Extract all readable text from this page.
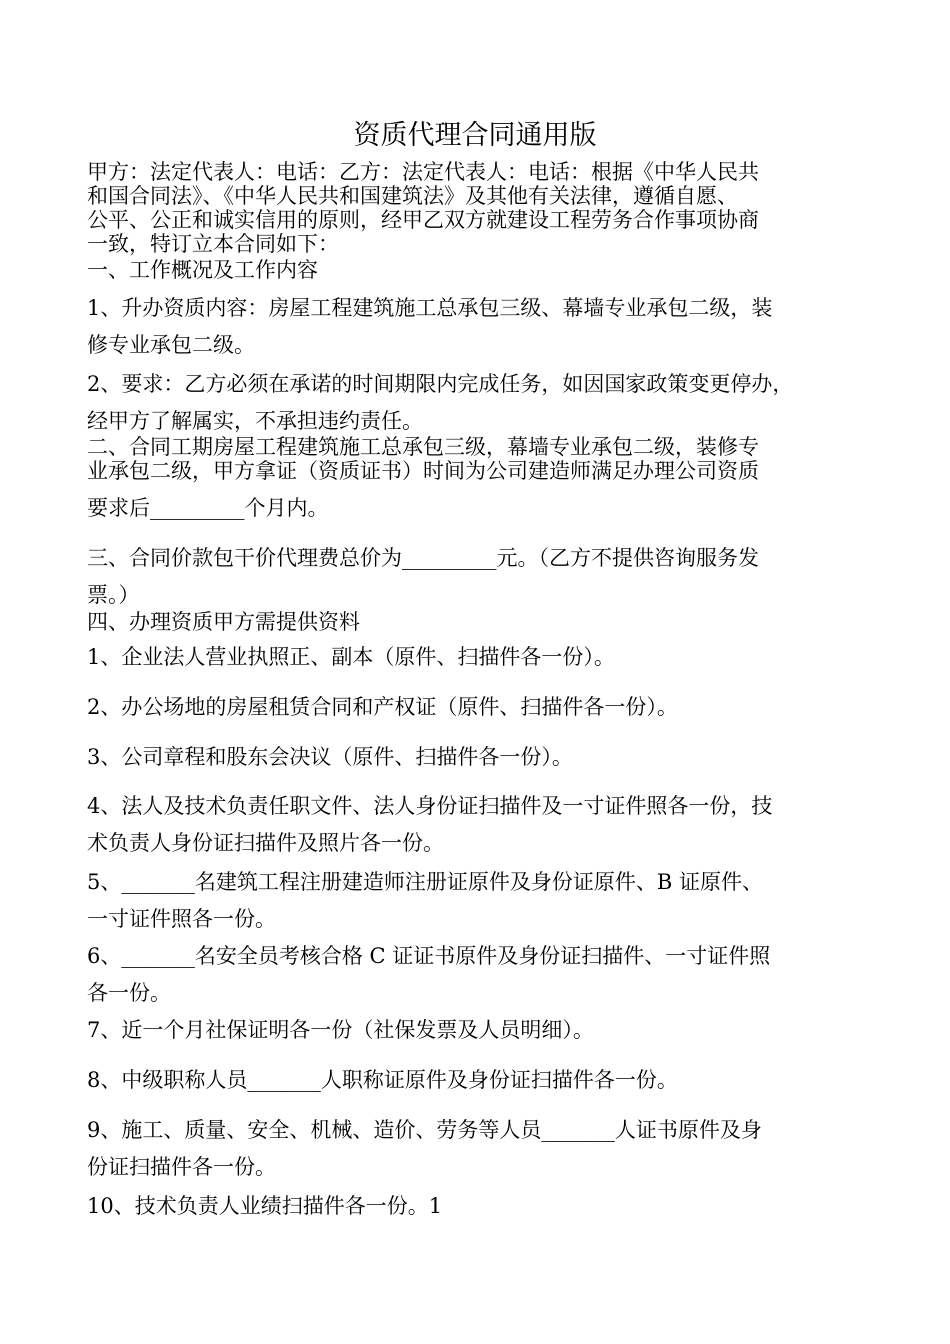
资质代理合同通用版
甲方：法定代表人：电话：乙方：法定代表人：电话：根据《中华人民共
和国合同法》、《中华人民共和国建筑法》及其他有关法律，遵循自愿、
公平、公正和诚实信用的原则，经甲乙双方就建设工程劳务合作事项协商
一致，特订立本合同如下：
一、工作概况及工作内容
1、升办资质内容：房屋工程建筑施工总承包三级、幕墙专业承包二级，装
修专业承包二级。
2、要求：乙方必须在承诺的时间期限内完成任务，如因国家政策变更停办，
经甲方了解属实，不承担违约责任。
二、合同工期房屋工程建筑施工总承包三级，幕墙专业承包二级，装修专
业承包二级，甲方拿证（资质证书）时间为公司建造师满足办理公司资质
要求后_________个月内。
三、合同价款包干价代理费总价为_________元。（乙方不提供咨询服务发
票。）
四、办理资质甲方需提供资料
1、企业法人营业执照正、副本（原件、扫描件各一份）。
2、办公场地的房屋租赁合同和产权证（原件、扫描件各一份）。
3、公司章程和股东会决议（原件、扫描件各一份）。
4、法人及技术负责任职文件、法人身份证扫描件及一寸证件照各一份，技
术负责人身份证扫描件及照片各一份。
5、_______名建筑工程注册建造师注册证原件及身份证原件、B 证原件、
一寸证件照各一份。
6、_______名安全员考核合格 C 证证书原件及身份证扫描件、一寸证件照
各一份。
7、近一个月社保证明各一份（社保发票及人员明细）。
8、中级职称人员_______人职称证原件及身份证扫描件各一份。
9、施工、质量、安全、机械、造价、劳务等人员_______人证书原件及身
份证扫描件各一份。
10、技术负责人业绩扫描件各一份。1
